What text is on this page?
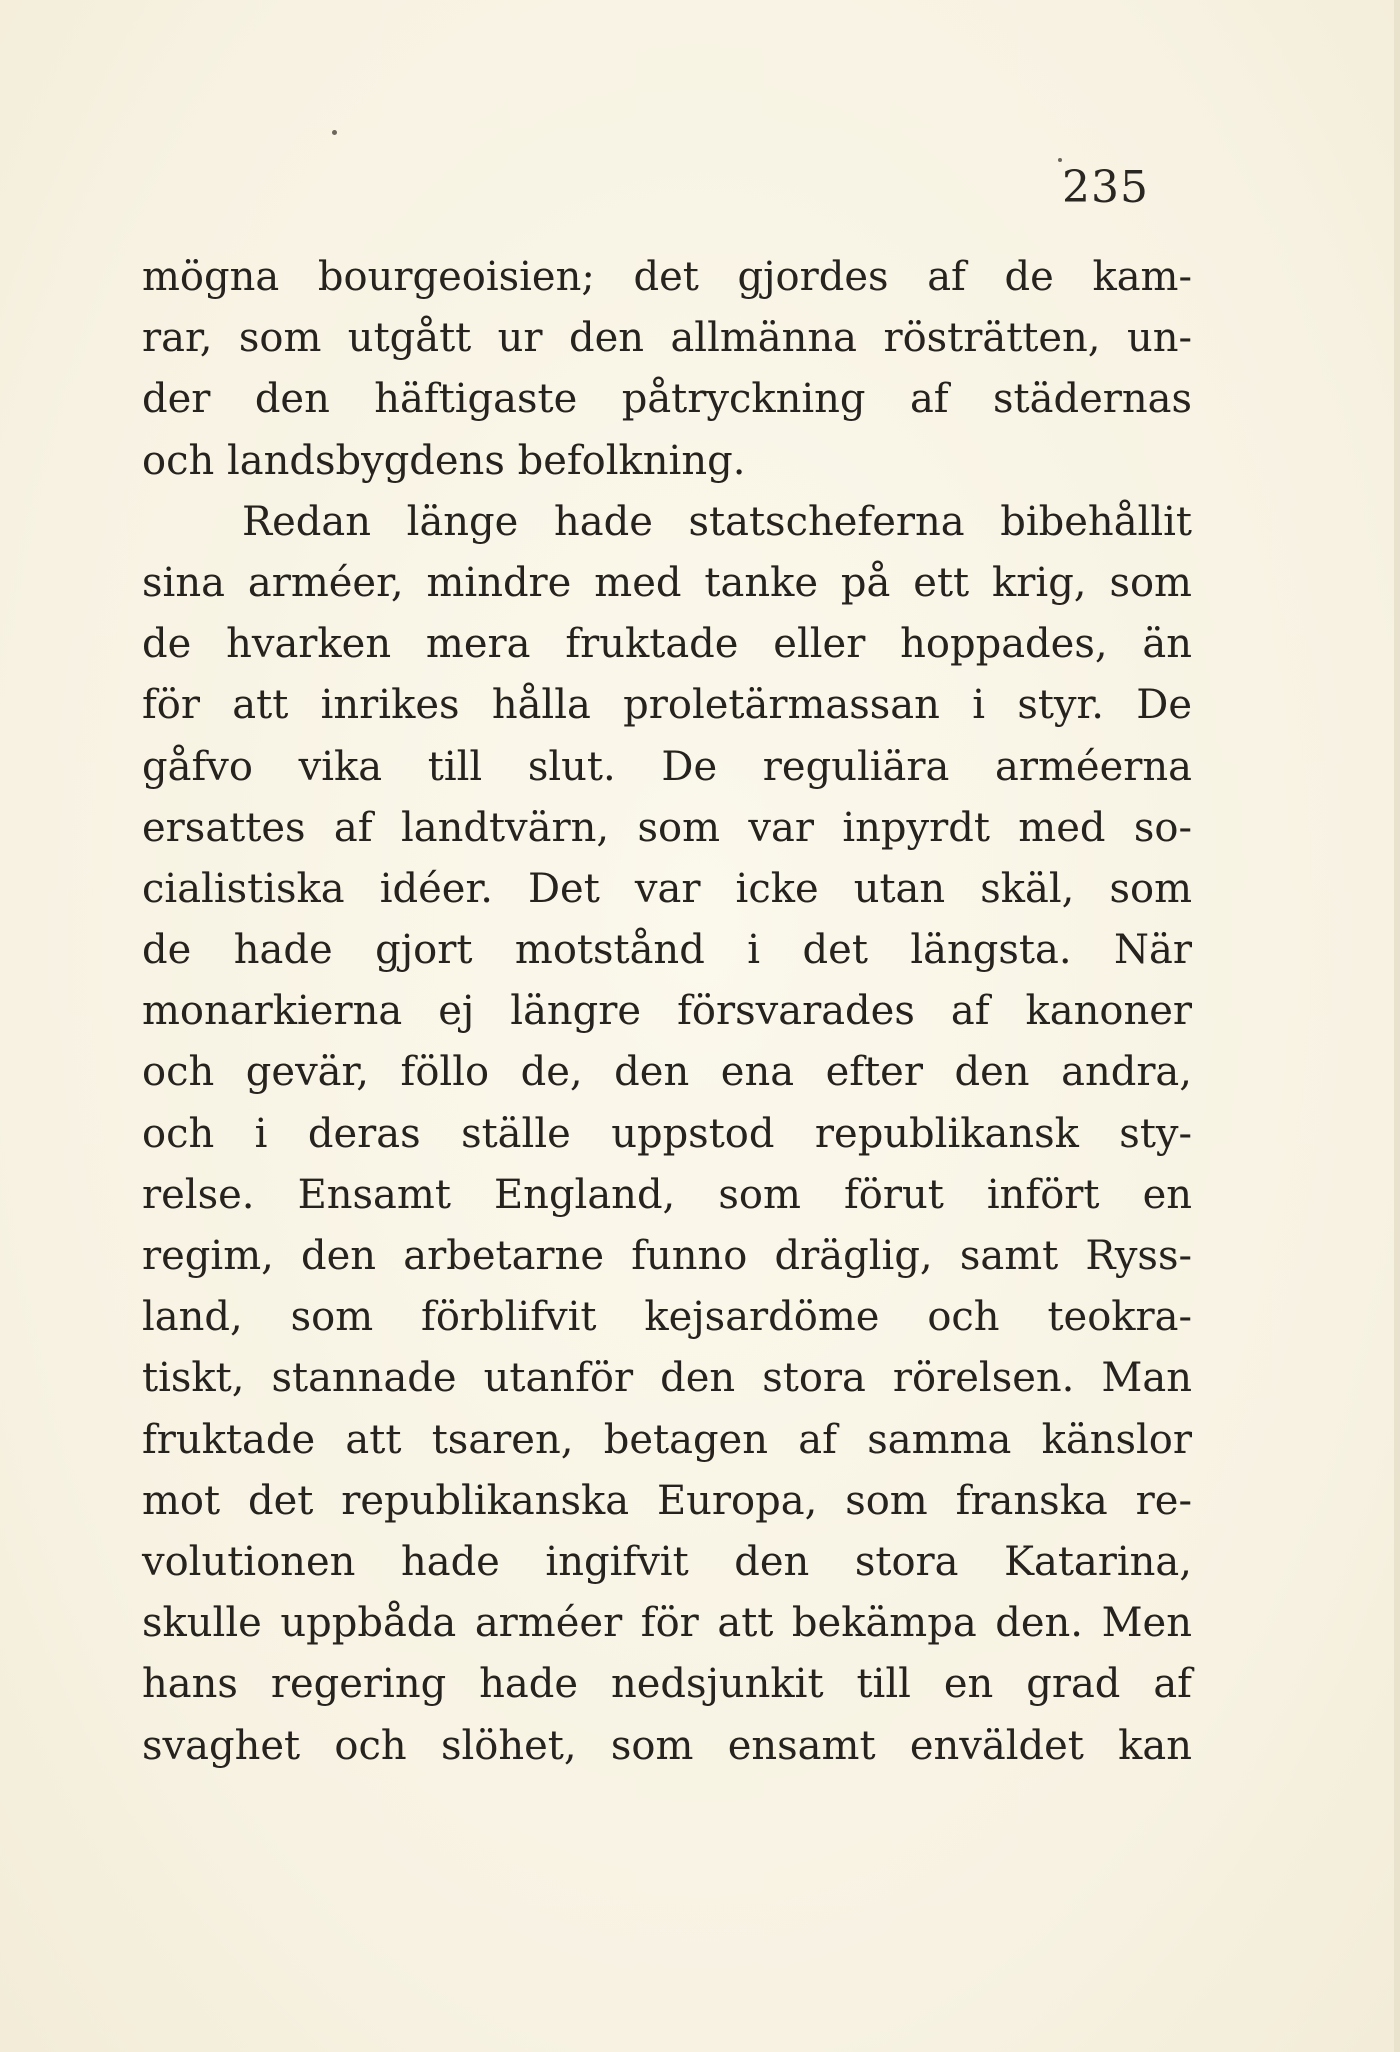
235
mögna bourgeoisien; det gjordes af de kam-
rar, som utgått ur den allmänna rösträtten, un-
der den häftigaste påtryckning af städernas
och landsbygdens befolkning.
Redan länge hade statscheferna bibehållit
sina arméer, mindre med tanke på ett krig, som
de hvarken mera fruktade eller hoppades, än
för att inrikes hålla proletärmassan i styr. De
gåfvo vika till slut. De reguliära arméerna
ersattes af landtvärn, som var inpyrdt med so-
cialistiska idéer. Det var icke utan skäl, som
de hade gjort motstånd i det längsta. När
monarkierna ej längre försvarades af kanoner
och gevär, föllo de, den ena efter den andra,
och i deras ställe uppstod republikansk sty-
relse. Ensamt England, som förut infört en
regim, den arbetarne funno dräglig, samt Ryss-
land, som förblifvit kejsardöme och teokra-
tiskt, stannade utanför den stora rörelsen. Man
fruktade att tsaren, betagen af samma känslor
mot det republikanska Europa, som franska re-
volutionen hade ingifvit den stora Katarina,
skulle uppbåda arméer för att bekämpa den. Men
hans regering hade nedsjunkit till en grad af
svaghet och slöhet, som ensamt enväldet kan
